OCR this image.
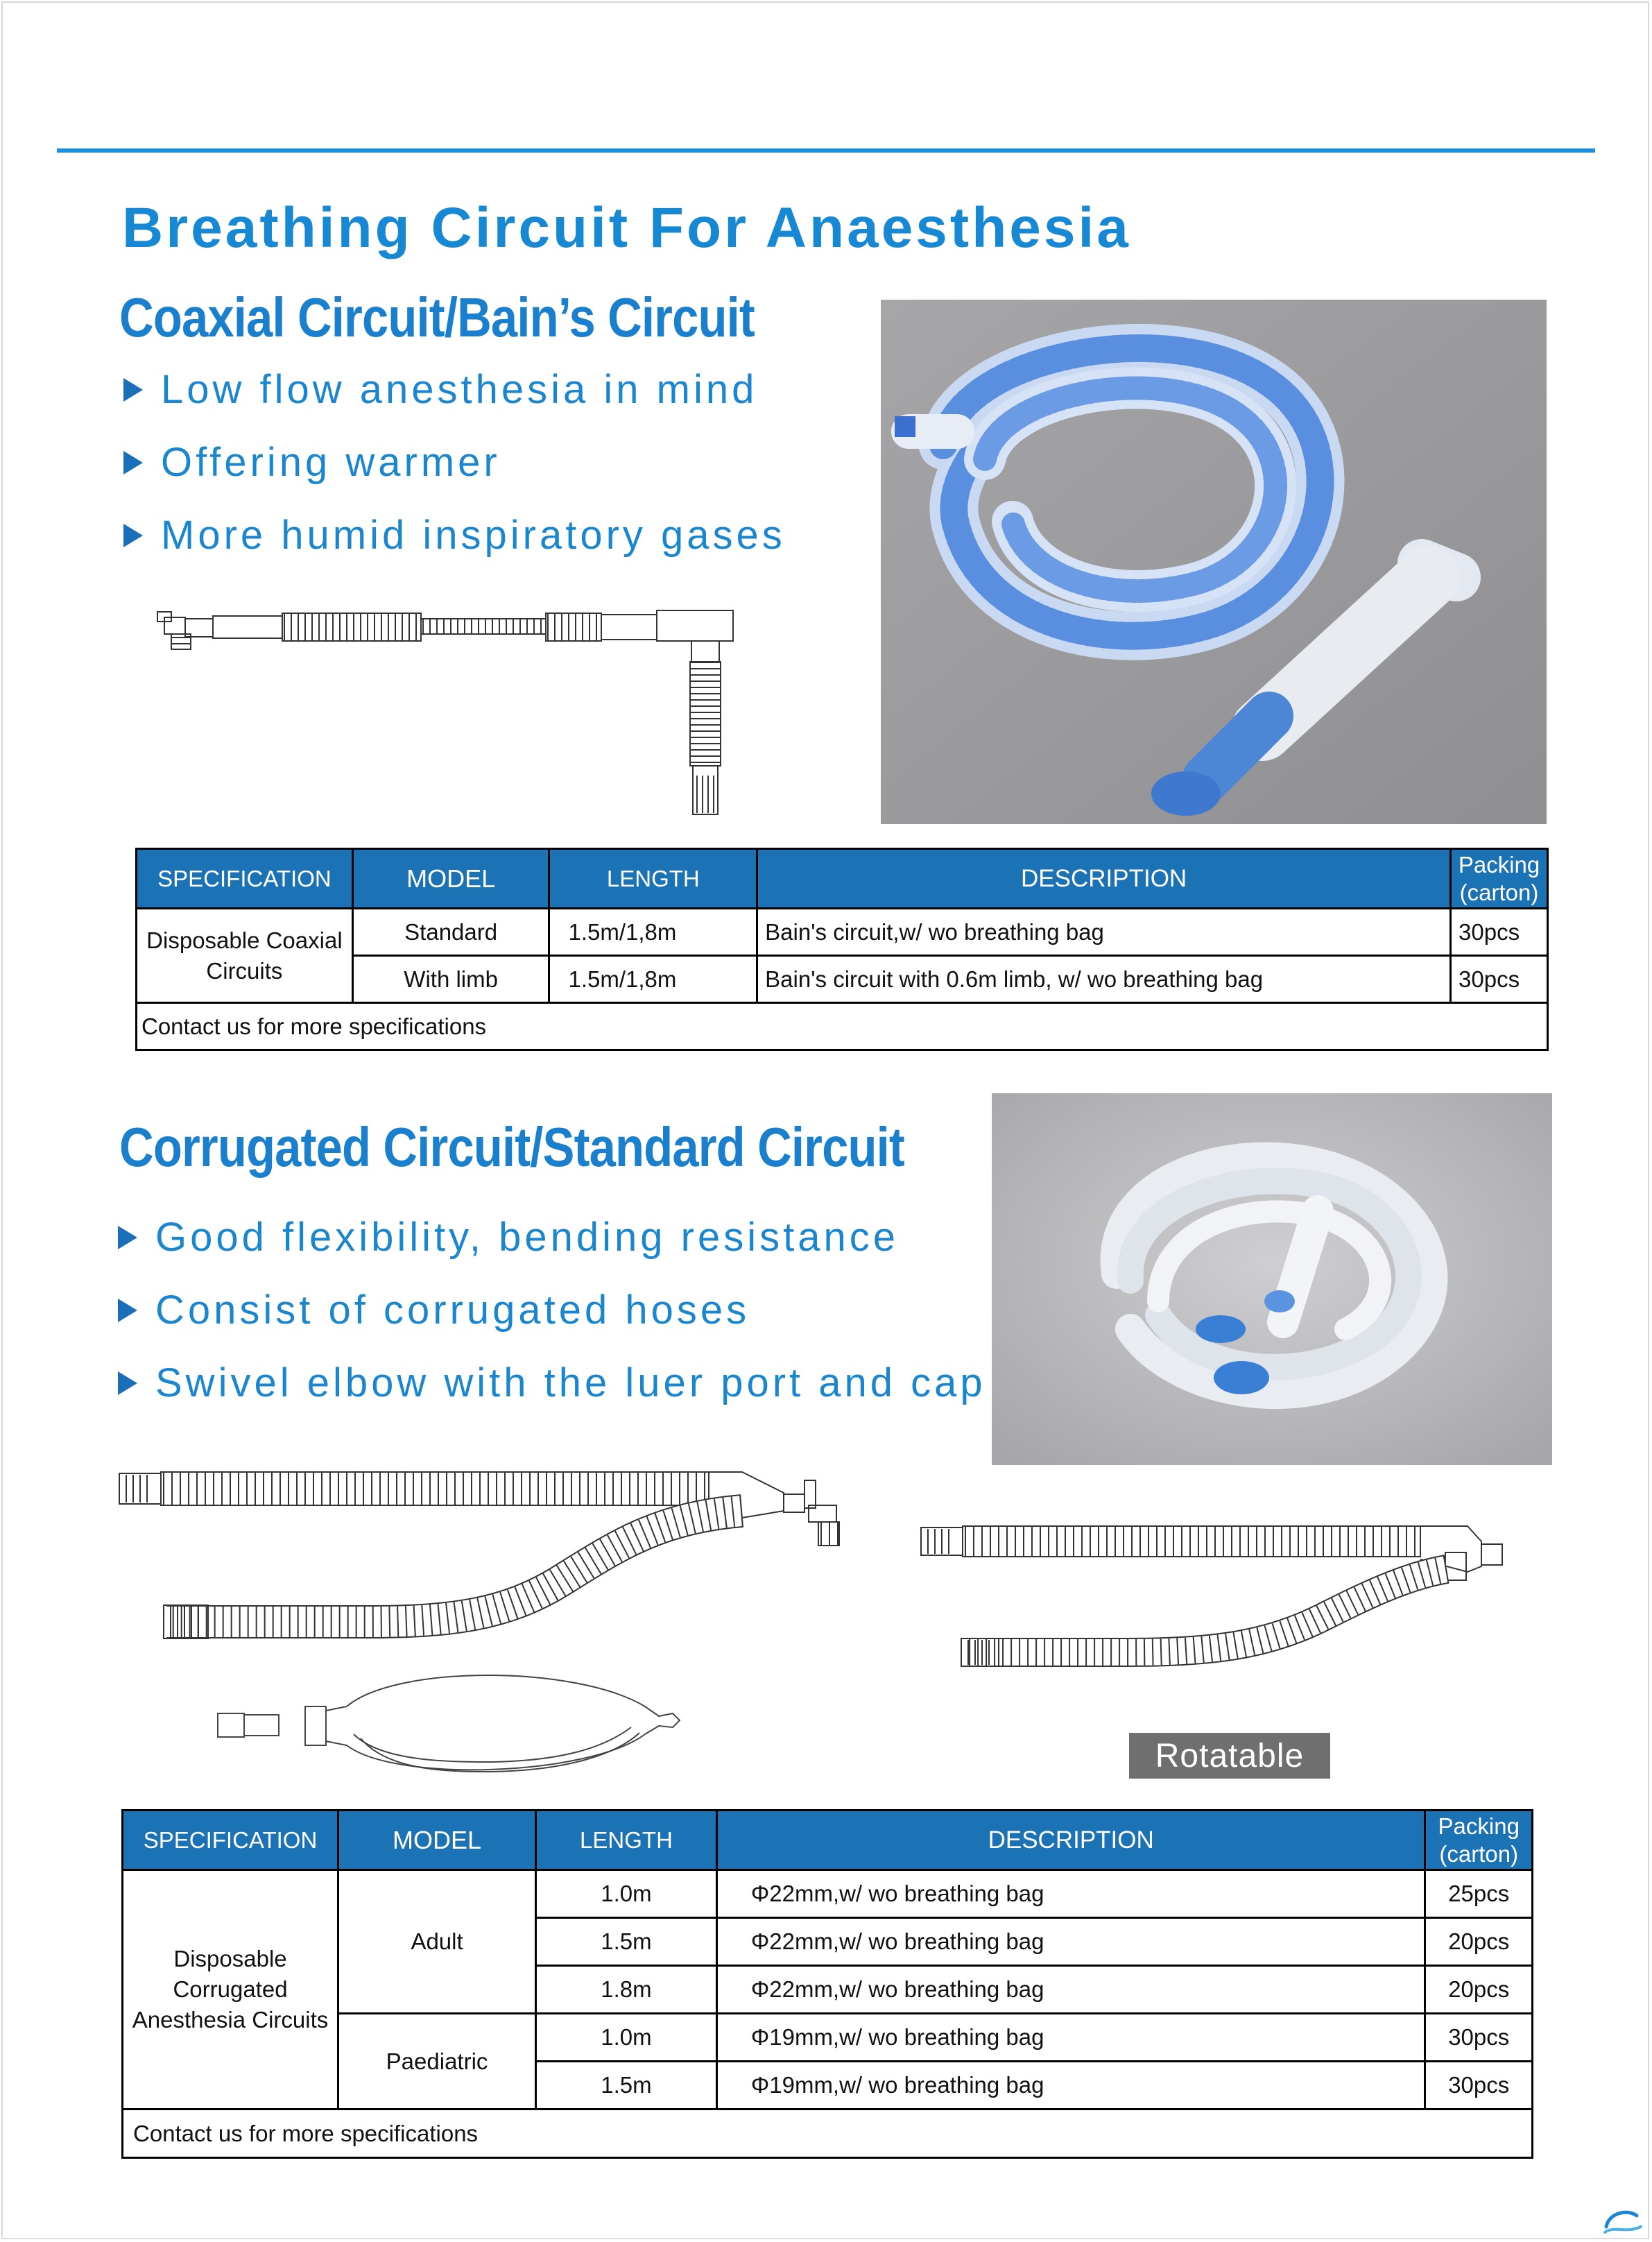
Breathing Circuit For Anaesthesia
Coaxial Circuit/Bain’s Circuit
Low flow anesthesia in mind
Offering warmer
More humid inspiratory gases
SPECIFICATION	MODEL	LENGTH	DESCRIPTION	Packing
(carton)
Disposable Coaxial
Circuits	Standard	1.5m/1,8m	Bain's circuit,w/ wo breathing bag	30pcs
	With limb	1.5m/1,8m	Bain's circuit with 0.6m limb, w/ wo breathing bag	30pcs
Contact us for more specifications				
Corrugated Circuit/Standard Circuit
Good flexibility, bending resistance
Consist of corrugated hoses
Swivel elbow with the luer port and cap
Rotatable
SPECIFICATION	MODEL	LENGTH	DESCRIPTION	Packing
(carton)
Disposable
Corrugated
Anesthesia Circuits	Adult	1.0m	Φ22mm,w/ wo breathing bag	25pcs
		1.5m	Φ22mm,w/ wo breathing bag	20pcs
		1.8m	Φ22mm,w/ wo breathing bag	20pcs
	Paediatric	1.0m	Φ19mm,w/ wo breathing bag	30pcs
		1.5m	Φ19mm,w/ wo breathing bag	30pcs
Contact us for more specifications				
